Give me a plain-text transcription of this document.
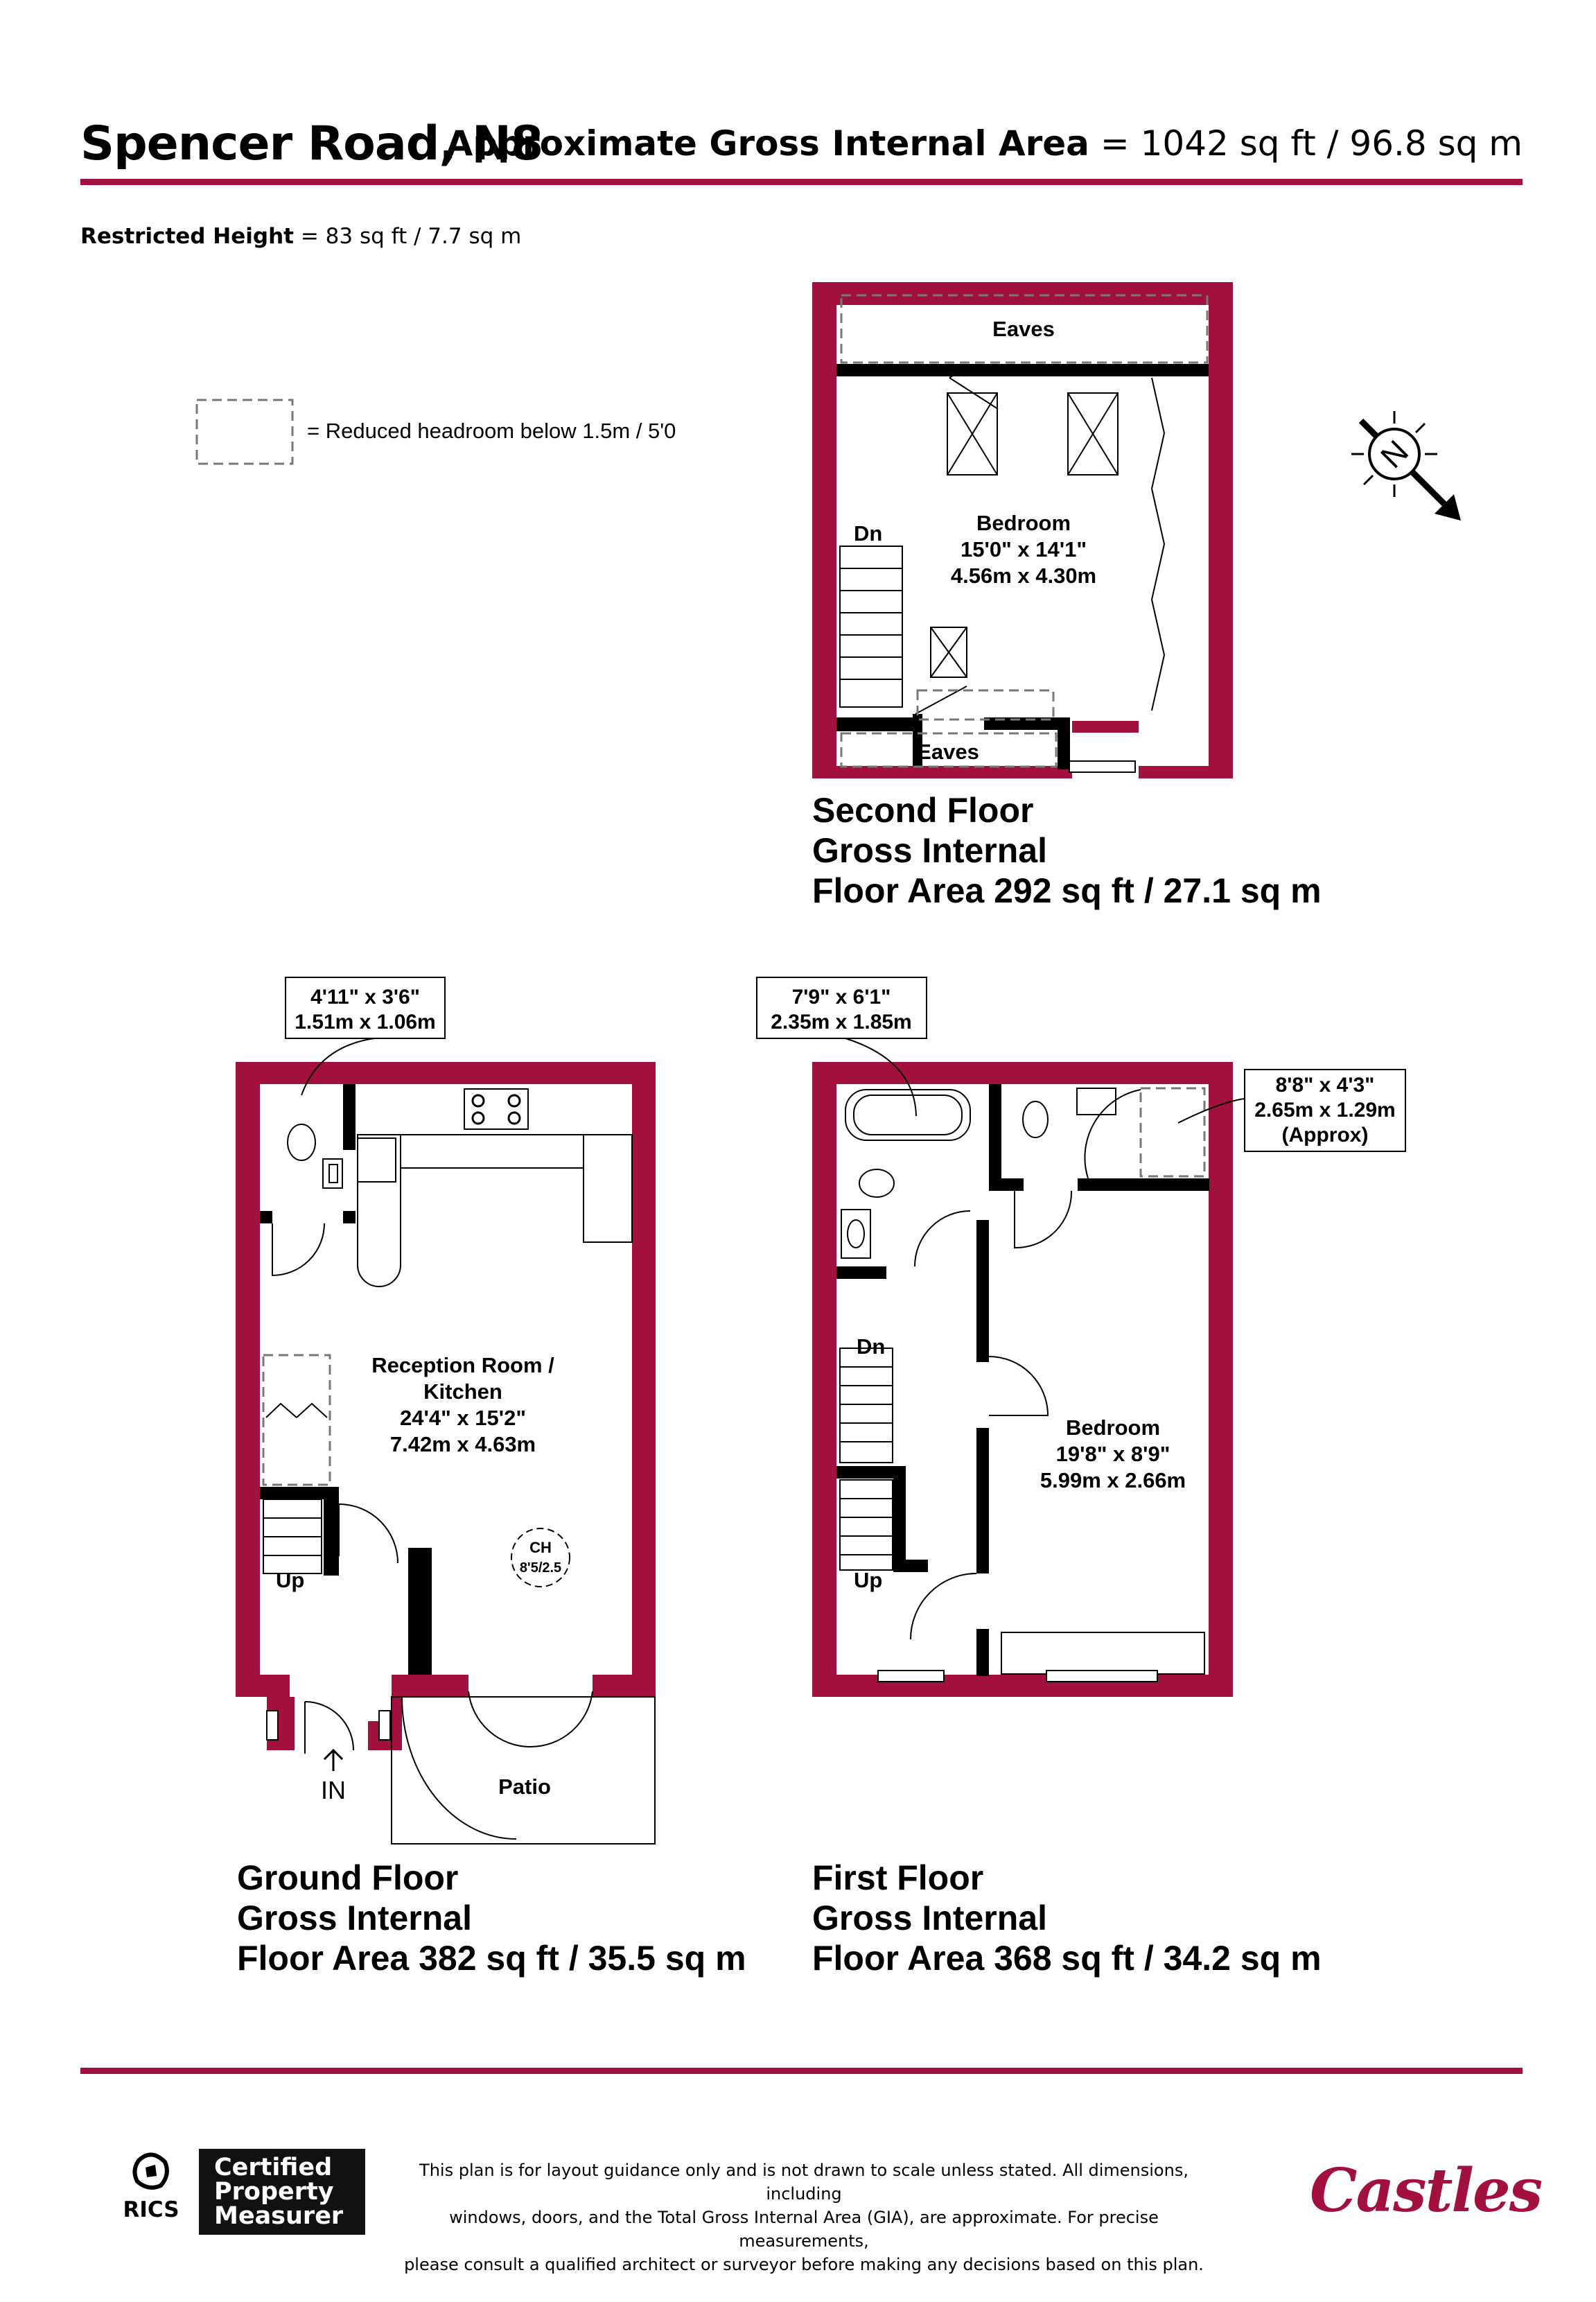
Spencer Road, N8
Approximate Gross Internal Area = 1042 sq ft / 96.8 sq m
Restricted Height = 83 sq ft / 7.7 sq m
= Reduced headroom below 1.5m / 5'0
N
Eaves
Dn	Bedroom
15'0" x 14'1"
4.56m x 4.30m
Eaves
4'11" x 3'6"
1.51m x 1.06m
Reception Room /
Kitchen
24'4" x 15'2"
7.42m x 4.63m
CH
8'5/2.5
Up
IN	Patio
7'9" x 6'1"
2.35m x 1.85m
8'8" x 4'3"
2.65m x 1.29m
(Approx)
Dn
Up
Bedroom
19'8" x 8'9"
5.99m x 2.66m
Second Floor
Gross Internal
Floor Area 292 sq ft / 27.1 sq m
Ground Floor
Gross Internal
Floor Area 382 sq ft / 35.5 sq m
First Floor
Gross Internal
Floor Area 368 sq ft / 34.2 sq m
RICS
Certified
Property
Measurer
This plan is for layout guidance only and is not drawn to scale unless stated. All dimensions, including
windows, doors, and the Total Gross Internal Area (GIA), are approximate. For precise measurements,
please consult a qualified architect or surveyor before making any decisions based on this plan.
Castles
